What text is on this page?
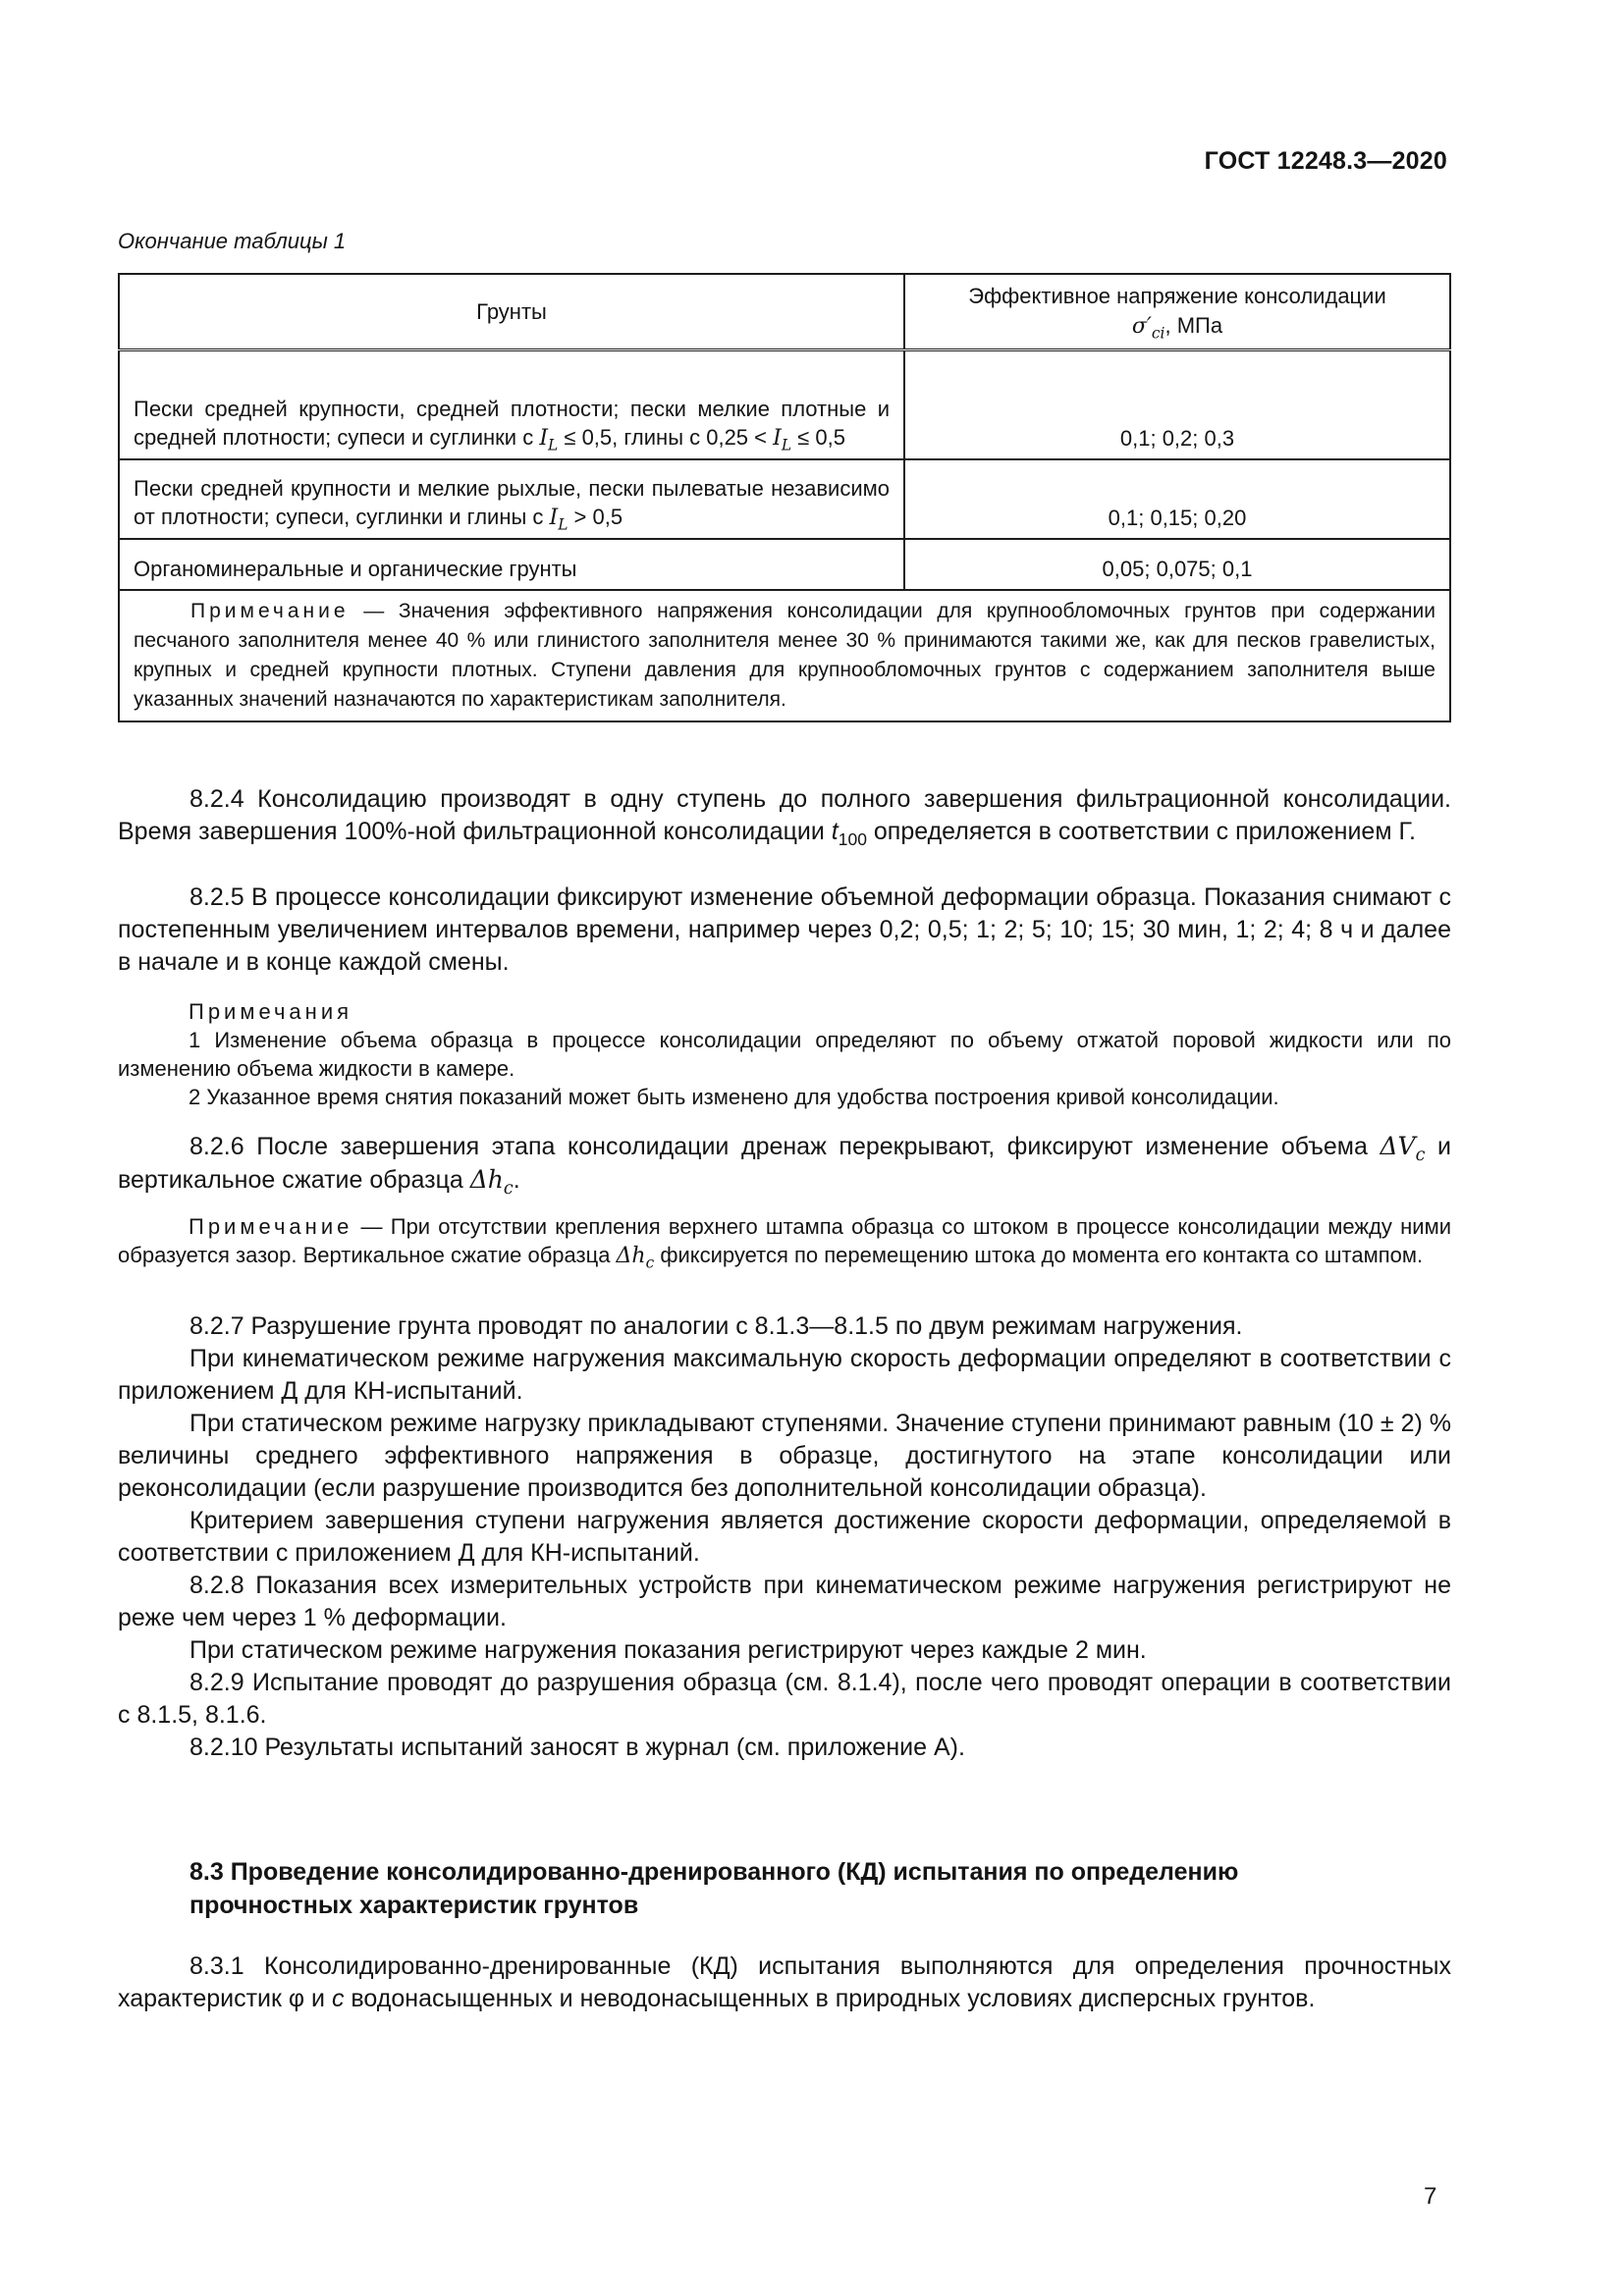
ГОСТ 12248.3—2020
Окончание таблицы 1
Грунты	Эффективное напряжение консолидации
$\sigma'_{ci}$, МПа

Пески средней крупности, средней плотности; пески мелкие плотные и средней плотности; супеси и суглинки с $I_L \le 0,5$, глины с $0,25 < I_L \le 0,5$	0,1; 0,2; 0,3
Пески средней крупности и мелкие рыхлые, пески пылеватые независимо от плотности; супеси, суглинки и глины с $I_L > 0,5$	0,1; 0,15; 0,20
Органоминеральные и органические грунты	0,05; 0,075; 0,1
Примечание — Значения эффективного напряжения консолидации для крупнообломочных грунтов при содержании песчаного заполнителя менее 40 % или глинистого заполнителя менее 30 % принимаются такими же, как для песков гравелистых, крупных и средней крупности плотных. Ступени давления для крупнообломочных грунтов с содержанием заполнителя выше указанных значений назначаются по характеристикам заполнителя.	

8.2.4 Консолидацию производят в одну ступень до полного завершения фильтрационной консолидации. Время завершения 100%-ной фильтрационной консолидации $t_{100}$ определяется в соответствии с приложением Г.

8.2.5 В процессе консолидации фиксируют изменение объемной деформации образца. Показания снимают с постепенным увеличением интервалов времени, например через 0,2; 0,5; 1; 2; 5; 10; 15; 30 мин, 1; 2; 4; 8 ч и далее в начале и в конце каждой смены.

Примечания

1 Изменение объема образца в процессе консолидации определяют по объему отжатой поровой жидкости или по изменению объема жидкости в камере.

2 Указанное время снятия показаний может быть изменено для удобства построения кривой консолидации.

8.2.6 После завершения этапа консолидации дренаж перекрывают, фиксируют изменение объема $\Delta V_c$ и вертикальное сжатие образца $\Delta h_c$.

Примечание — При отсутствии крепления верхнего штампа образца со штоком в процессе консолидации между ними образуется зазор. Вертикальное сжатие образца $\Delta h_c$ фиксируется по перемещению штока до момента его контакта со штампом.

8.2.7 Разрушение грунта проводят по аналогии с 8.1.3—8.1.5 по двум режимам нагружения.

При кинематическом режиме нагружения максимальную скорость деформации определяют в соответствии с приложением Д для КН-испытаний.

При статическом режиме нагрузку прикладывают ступенями. Значение ступени принимают равным (10 ± 2) % величины среднего эффективного напряжения в образце, достигнутого на этапе консолидации или реконсолидации (если разрушение производится без дополнительной консолидации образца).

Критерием завершения ступени нагружения является достижение скорости деформации, определяемой в соответствии с приложением Д для КН-испытаний.

8.2.8 Показания всех измерительных устройств при кинематическом режиме нагружения регистрируют не реже чем через 1 % деформации.

При статическом режиме нагружения показания регистрируют через каждые 2 мин.

8.2.9 Испытание проводят до разрушения образца (см. 8.1.4), после чего проводят операции в соответствии с 8.1.5, 8.1.6.

8.2.10 Результаты испытаний заносят в журнал (см. приложение А).

8.3 Проведение консолидированно-дренированного (КД) испытания по определению прочностных характеристик грунтов

8.3.1 Консолидированно-дренированные (КД) испытания выполняются для определения прочностных характеристик φ и c водонасыщенных и неводонасыщенных в природных условиях дисперсных грунтов.

7
